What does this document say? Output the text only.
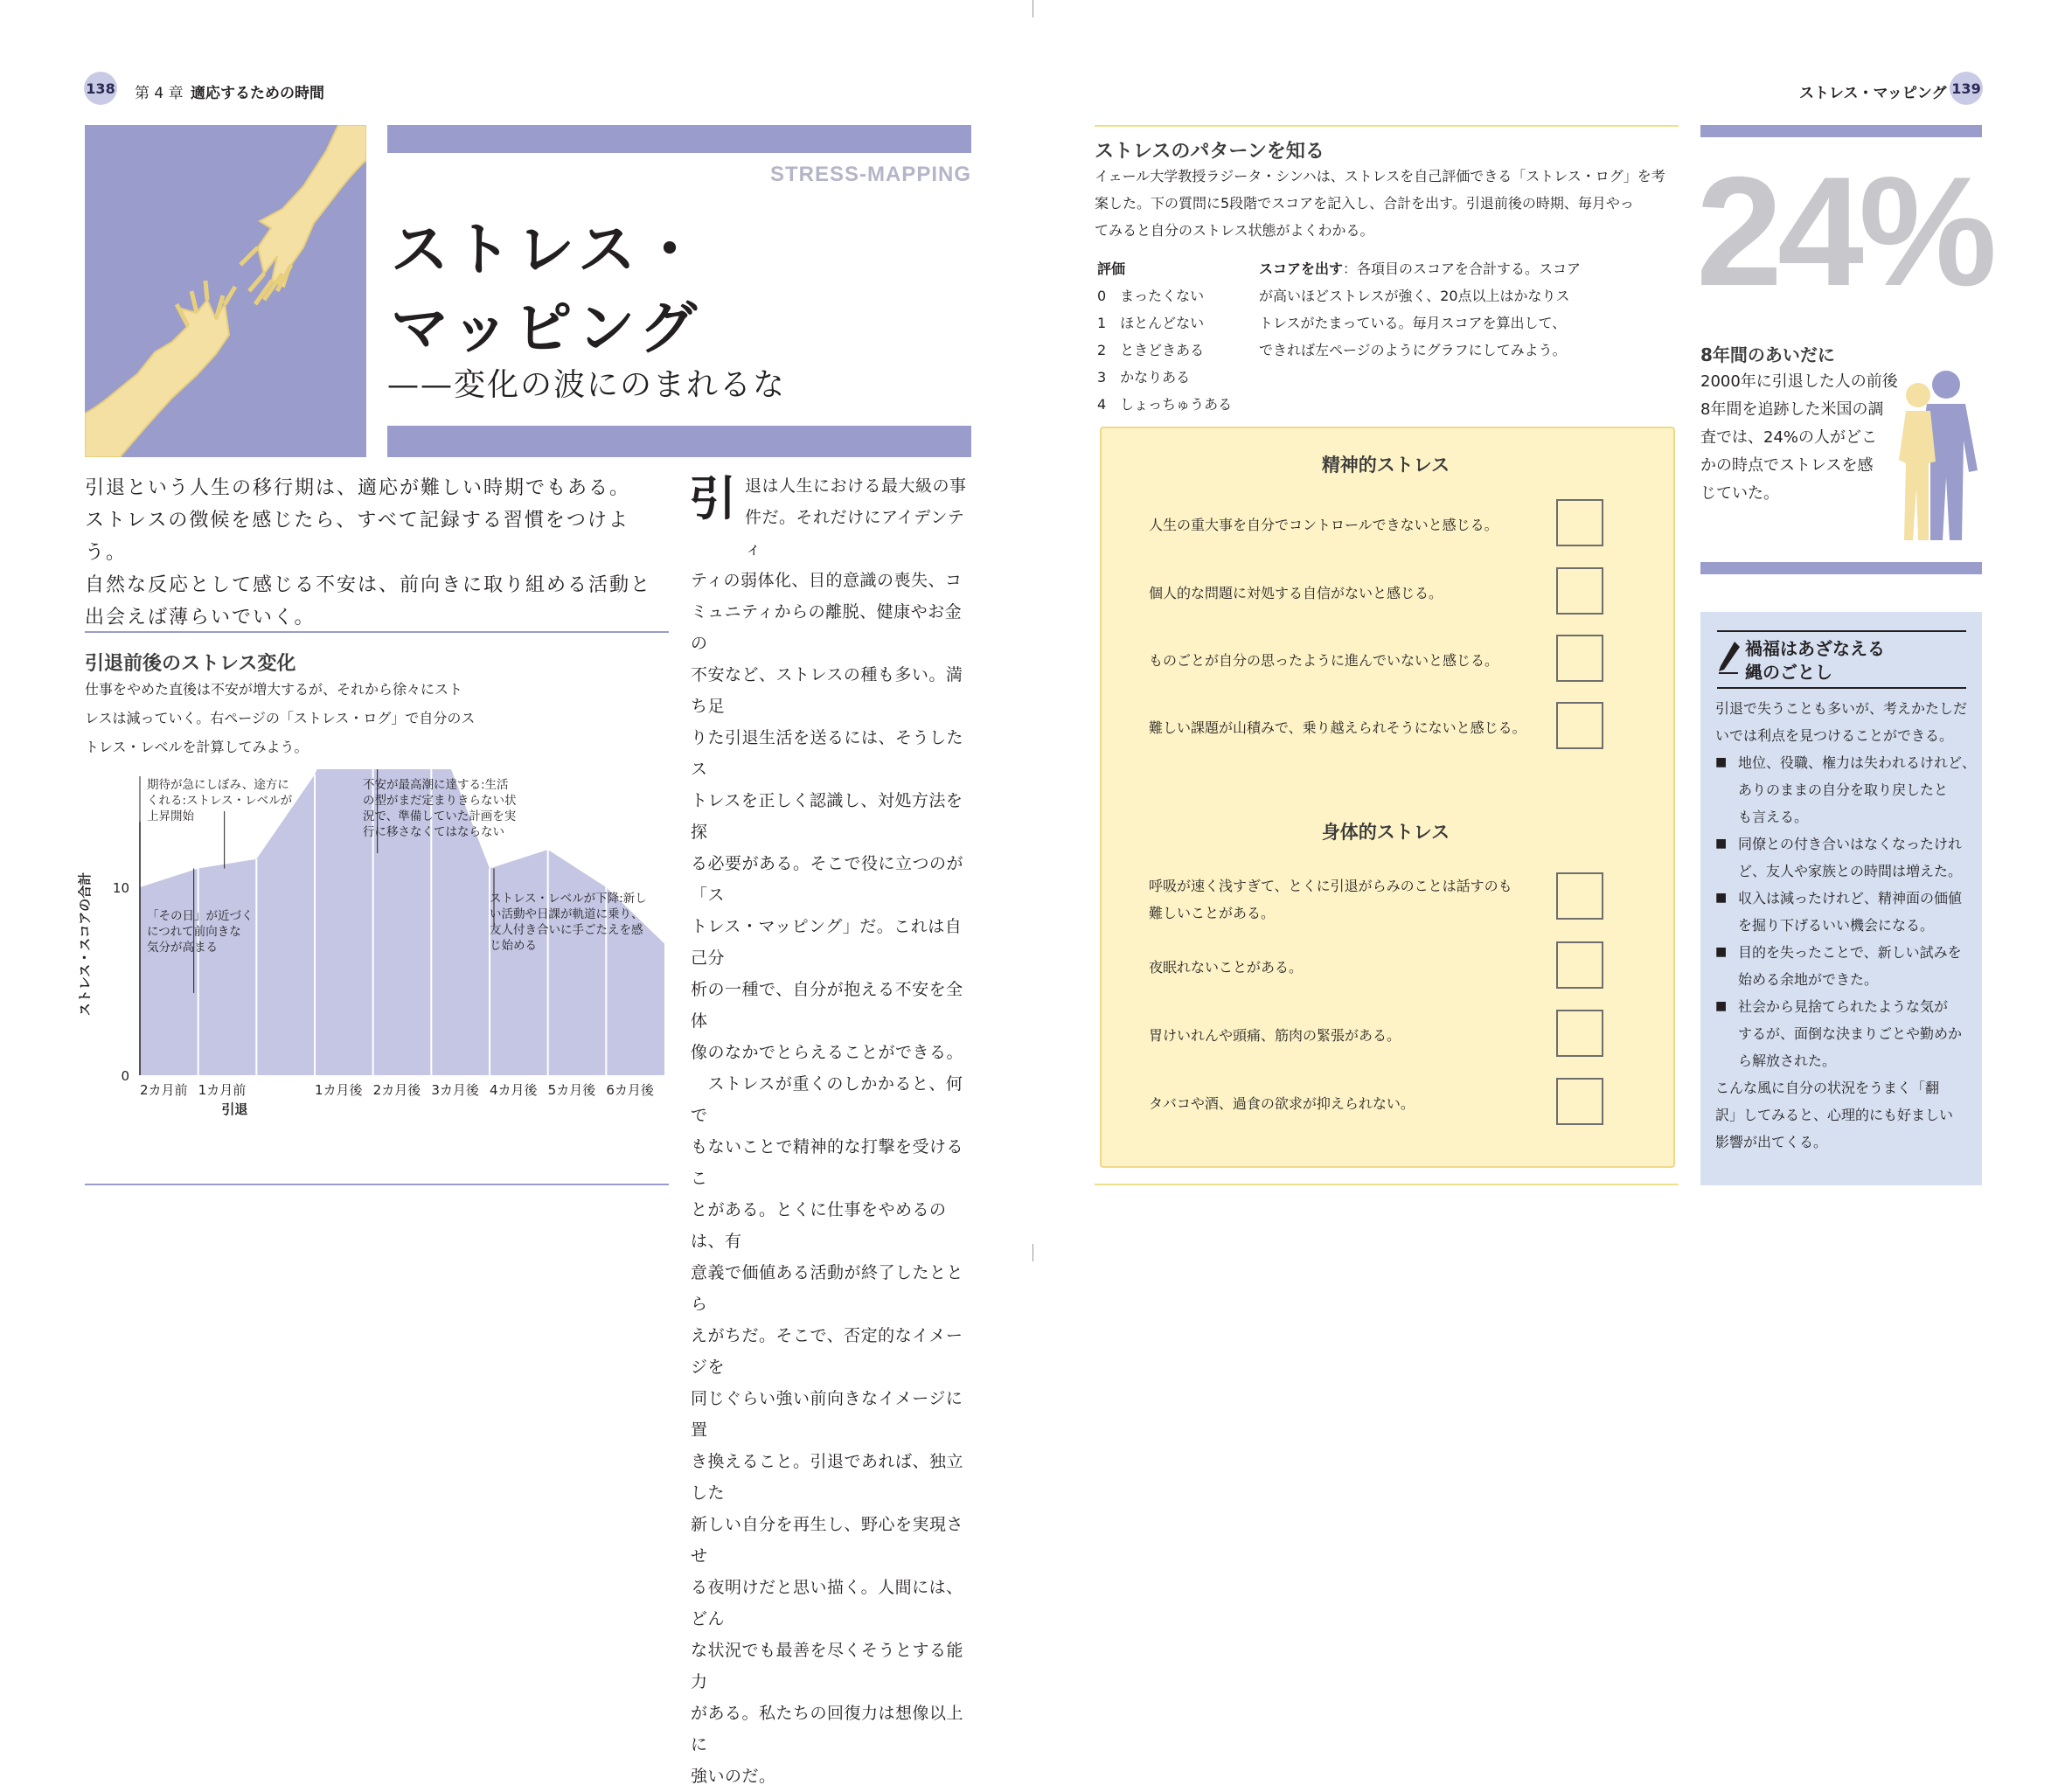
138 第 4 章 適応するための時間
STRESS-MAPPING
ストレス・
マッピング
——変化の波にのまれるな
引退という人生の移行期は、適応が難しい時期でもある。
ストレスの徴候を感じたら、すべて記録する習慣をつけよう。
自然な反応として感じる不安は、前向きに取り組める活動と
出会えば薄らいでいく。
引退前後のストレス変化
仕事をやめた直後は不安が増大するが、それから徐々にスト
レスは減っていく。右ページの「ストレス・ログ」で自分のス
トレス・レベルを計算してみよう。
0
10
ストレス・スコアの合計
2カ月前 1カ月前	1カ月後 2カ月後 3カ月後 4カ月後 5カ月後 6カ月後
引退
期待が急にしぼみ、途方に
くれる:ストレス・レベルが
上昇開始
不安が最高潮に達する:生活
の型がまだ定まりきらない状
況で、準備していた計画を実
行に移さなくてはならない
ストレス・レベルが下降:新し
い活動や日課が軌道に乗り、
友人付き合いに手ごたえを感
じ始める
「その日」が近づく
につれて前向きな
気分が高まる
引 退は人生における最大級の事
件だ。それだけにアイデンティ
ティの弱体化、目的意識の喪失、コ
ミュニティからの離脱、健康やお金の
不安など、ストレスの種も多い。満ち足
りた引退生活を送るには、そうしたス
トレスを正しく認識し、対処方法を探
る必要がある。そこで役に立つのが「ス
トレス・マッピング」だ。これは自己分
析の一種で、自分が抱える不安を全体
像のなかでとらえることができる。
　ストレスが重くのしかかると、何で
もないことで精神的な打撃を受けるこ
とがある。とくに仕事をやめるのは、有
意義で価値ある活動が終了したととら
えがちだ。そこで、否定的なイメージを
同じぐらい強い前向きなイメージに置
き換えること。引退であれば、独立した
新しい自分を再生し、野心を実現させ
る夜明けだと思い描く。人間には、どん
な状況でも最善を尽くそうとする能力
がある。私たちの回復力は想像以上に
強いのだ。
ストレス・マッピング 139
ストレスのパターンを知る
イェール大学教授ラジータ・シンハは、ストレスを自己評価できる「ストレス・ログ」を考
案した。下の質問に5段階でスコアを記入し、合計を出す。引退前後の時期、毎月やっ
てみると自分のストレス状態がよくわかる。
評価
0　まったくない
1　ほとんどない
2　ときどきある
3　かなりある
4　しょっちゅうある
スコアを出す：各項目のスコアを合計する。スコア
が高いほどストレスが強く、20点以上はかなりス
トレスがたまっている。毎月スコアを算出して、
できれば左ページのようにグラフにしてみよう。
精神的ストレス
人生の重大事を自分でコントロールできないと感じる。
個人的な問題に対処する自信がないと感じる。
ものごとが自分の思ったように進んでいないと感じる。
難しい課題が山積みで、乗り越えられそうにないと感じる。
身体的ストレス
呼吸が速く浅すぎて、とくに引退がらみのことは話すのも
難しいことがある。
夜眠れないことがある。
胃けいれんや頭痛、筋肉の緊張がある。
タバコや酒、過食の欲求が抑えられない。
24%
8年間のあいだに
2000年に引退した人の前後
8年間を追跡した米国の調
査では、24%の人がどこ
かの時点でストレスを感
じていた。
禍福はあざなえる
縄のごとし
引退で失うことも多いが、考えかたしだ
いでは利点を見つけることができる。
■ 地位、役職、権力は失われるけれど、
ありのままの自分を取り戻したと
も言える。
■ 同僚との付き合いはなくなったけれ
ど、友人や家族との時間は増えた。
■ 収入は減ったけれど、精神面の価値
を掘り下げるいい機会になる。
■ 目的を失ったことで、新しい試みを
始める余地ができた。
■ 社会から見捨てられたような気が
するが、面倒な決まりごとや勤めか
ら解放された。
こんな風に自分の状況をうまく「翻
訳」してみると、心理的にも好ましい
影響が出てくる。
